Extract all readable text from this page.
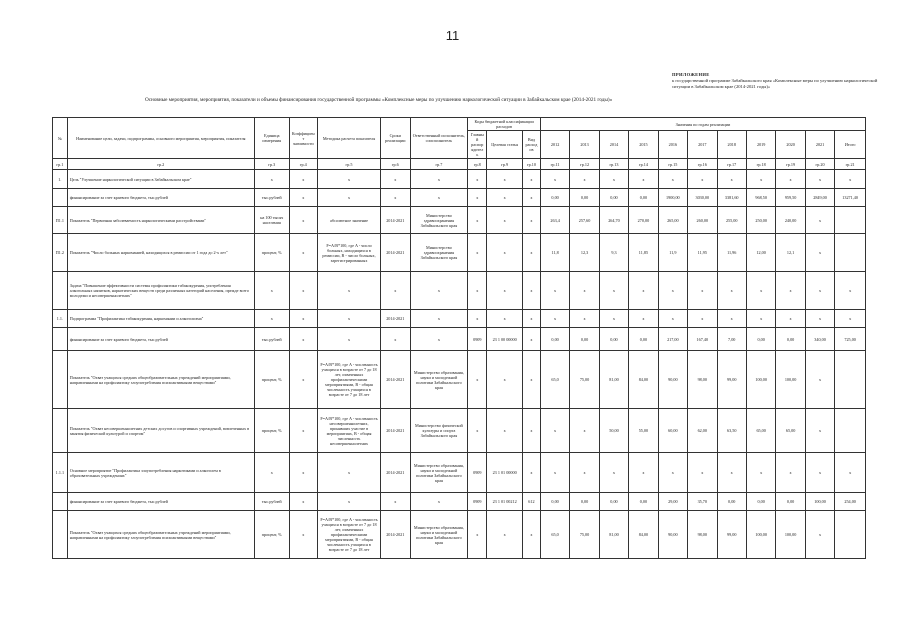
11
ПРИЛОЖЕНИЕ
к государственной программе Забайкальского края «Комплексные меры по улучшению наркологической ситуации в Забайкальском крае (2014-2021 годы)»
Основные мероприятия, мероприятия, показатели и объемы финансирования государственной программы «Комплексные меры по улучшению наркологической ситуации в Забайкальском крае (2014-2021 годы)»
№	Наименование цели, задачи, подпрограммы, основного мероприятия, мероприятия, показателя	Единица измерения	Коэффициент значимости	Методика расчета показателя	Сроки реализации	Ответственный исполнитель, соисполнитель	Коды бюджетной классификации расходов			Значения по годам реализации										
							Главный распорядитель	Целевая статья	Вид расходов	2012	2013	2014	2015	2016	2017	2018	2019	2020	2021	Итого
гр.1	гр.2	гр.3	гр.4	гр.5	гр.6	гр.7	гр.8	гр.9	гр.10	гр.11	гр.12	гр.13	гр.14	гр.15	гр.16	гр.17	гр.18	гр.19	гр.20	гр.21
1.	Цель "Улучшение наркологической ситуации в Забайкальском крае"	х	х	х	х	х	х	х	х	х	х	х	х	х	х	х	х	х	х	х
	финансирование за счет краевого бюджета, тыс.рублей	тыс.рублей	х	х	х	х	х	х	х	0,00	0,00	0,00	0,00	1900,00	3030,00	3381,60	968,50	959,50	2849,00	13271,40
П1.1	Показатель "Первичная заболеваемость наркологическими расстройствами"	на 100 тысяч населения	х	абсолютное значение	2014-2021	Министерство здравоохранения Забайкальского края	х	х	х	263,4	257,60	264,70	270,00	265,00	260,00	255,00	250,00	240,00	х	
П1.2	Показатель "Число больных наркоманией, находящихся в ремиссии от 1 года до 2-х лет"	процент, %	х	F=A/B*100, где A - число больных, находящихся в ремиссии, B - число больных, зарегистрированных	2014-2021	Министерство здравоохранения Забайкальского края	х	х	х	11,8	12,3	9,3	11,85	11,9	11,95	11,96	12,00	12,1	х	
	Задача "Повышение эффективности системы профилактики табакокурения, употребления алкогольных напитков, наркотических веществ среди различных категорий населения, прежде всего молодежи и несовершеннолетних"	х	х	х	х	х	х	х	х	х	х	х	х	х	х	х	х	х	х	х
1.1.	Подпрограмма "Профилактика табакокурения, наркомании и алкоголизма"	х	х	х	2014-2021	х	х	х	х	х	х	х	х	х	х	х	х	х	х	х
	финансирование за счет краевого бюджета, тыс.рублей	тыс.рублей	х	х	х	х	0909	23 1 00 00000	х	0,00	0,00	0,00	0,00	217,00	167,40	7,00	0,00	0,00	340,00	725,00
	Показатель "Охват учащихся средних общеобразовательных учреждений мероприятиями, направленными на профилактику злоупотребления психоактивными веществами"	процент, %	х	F=A/B*100, где A - численность учащихся в возрасте от 7 до 18 лет, охваченных профилактическими мероприятиями, B - общая численность учащихся в возрасте от 7 до 18 лет	2014-2021	Министерство образования, науки и молодежной политики Забайкальского края	х	х	х	65,0	75,00	81,00	84,00	90,00	98,00	99,00	100,00	100,00	х	
	Показатель "Охват несовершеннолетних детских досугов и спортивных учреждений, вовлеченных в занятия физической культурой и спортом"	процент, %	х	F=A/B*100, где A - численность несовершеннолетних, принявших участие в мероприятиях, B - общая численность несовершеннолетних	2014-2021	Министерство физической культуры и спорта Забайкальского края	х	х	х	х	х	50,00	55,00	60,00	62,00	63,50	65,00	65,00	х	
1.1.1	Основное мероприятие "Профилактика злоупотребления наркотиками и алкоголем в образовательных учреждениях"	х	х	х	2014-2021	Министерство образования, науки и молодежной политики Забайкальского края	0909	23 1 01 00000	х	х	х	х	х	х	х	х	х	х	х	х
	финансирование за счет краевого бюджета, тыс.рублей	тыс.рублей	х	х	х	х	0909	23 1 01 00212	612	0,00	0,00	0,00	0,00	29,00	35,70	0,00	0,00	0,00	100,00	254,00
	Показатель "Охват учащихся средних общеобразовательных учреждений мероприятиями, направленными на профилактику злоупотребления психоактивными веществами"	процент, %	х	F=A/B*100, где A - численность учащихся в возрасте от 7 до 18 лет, охваченных профилактическими мероприятиями, B - общая численность учащихся в возрасте от 7 до 18 лет	2014-2021	Министерство образования, науки и молодежной политики Забайкальского края	х	х	х	65,0	75,00	81,00	84,00	90,00	98,00	99,00	100,00	100,00	х	
